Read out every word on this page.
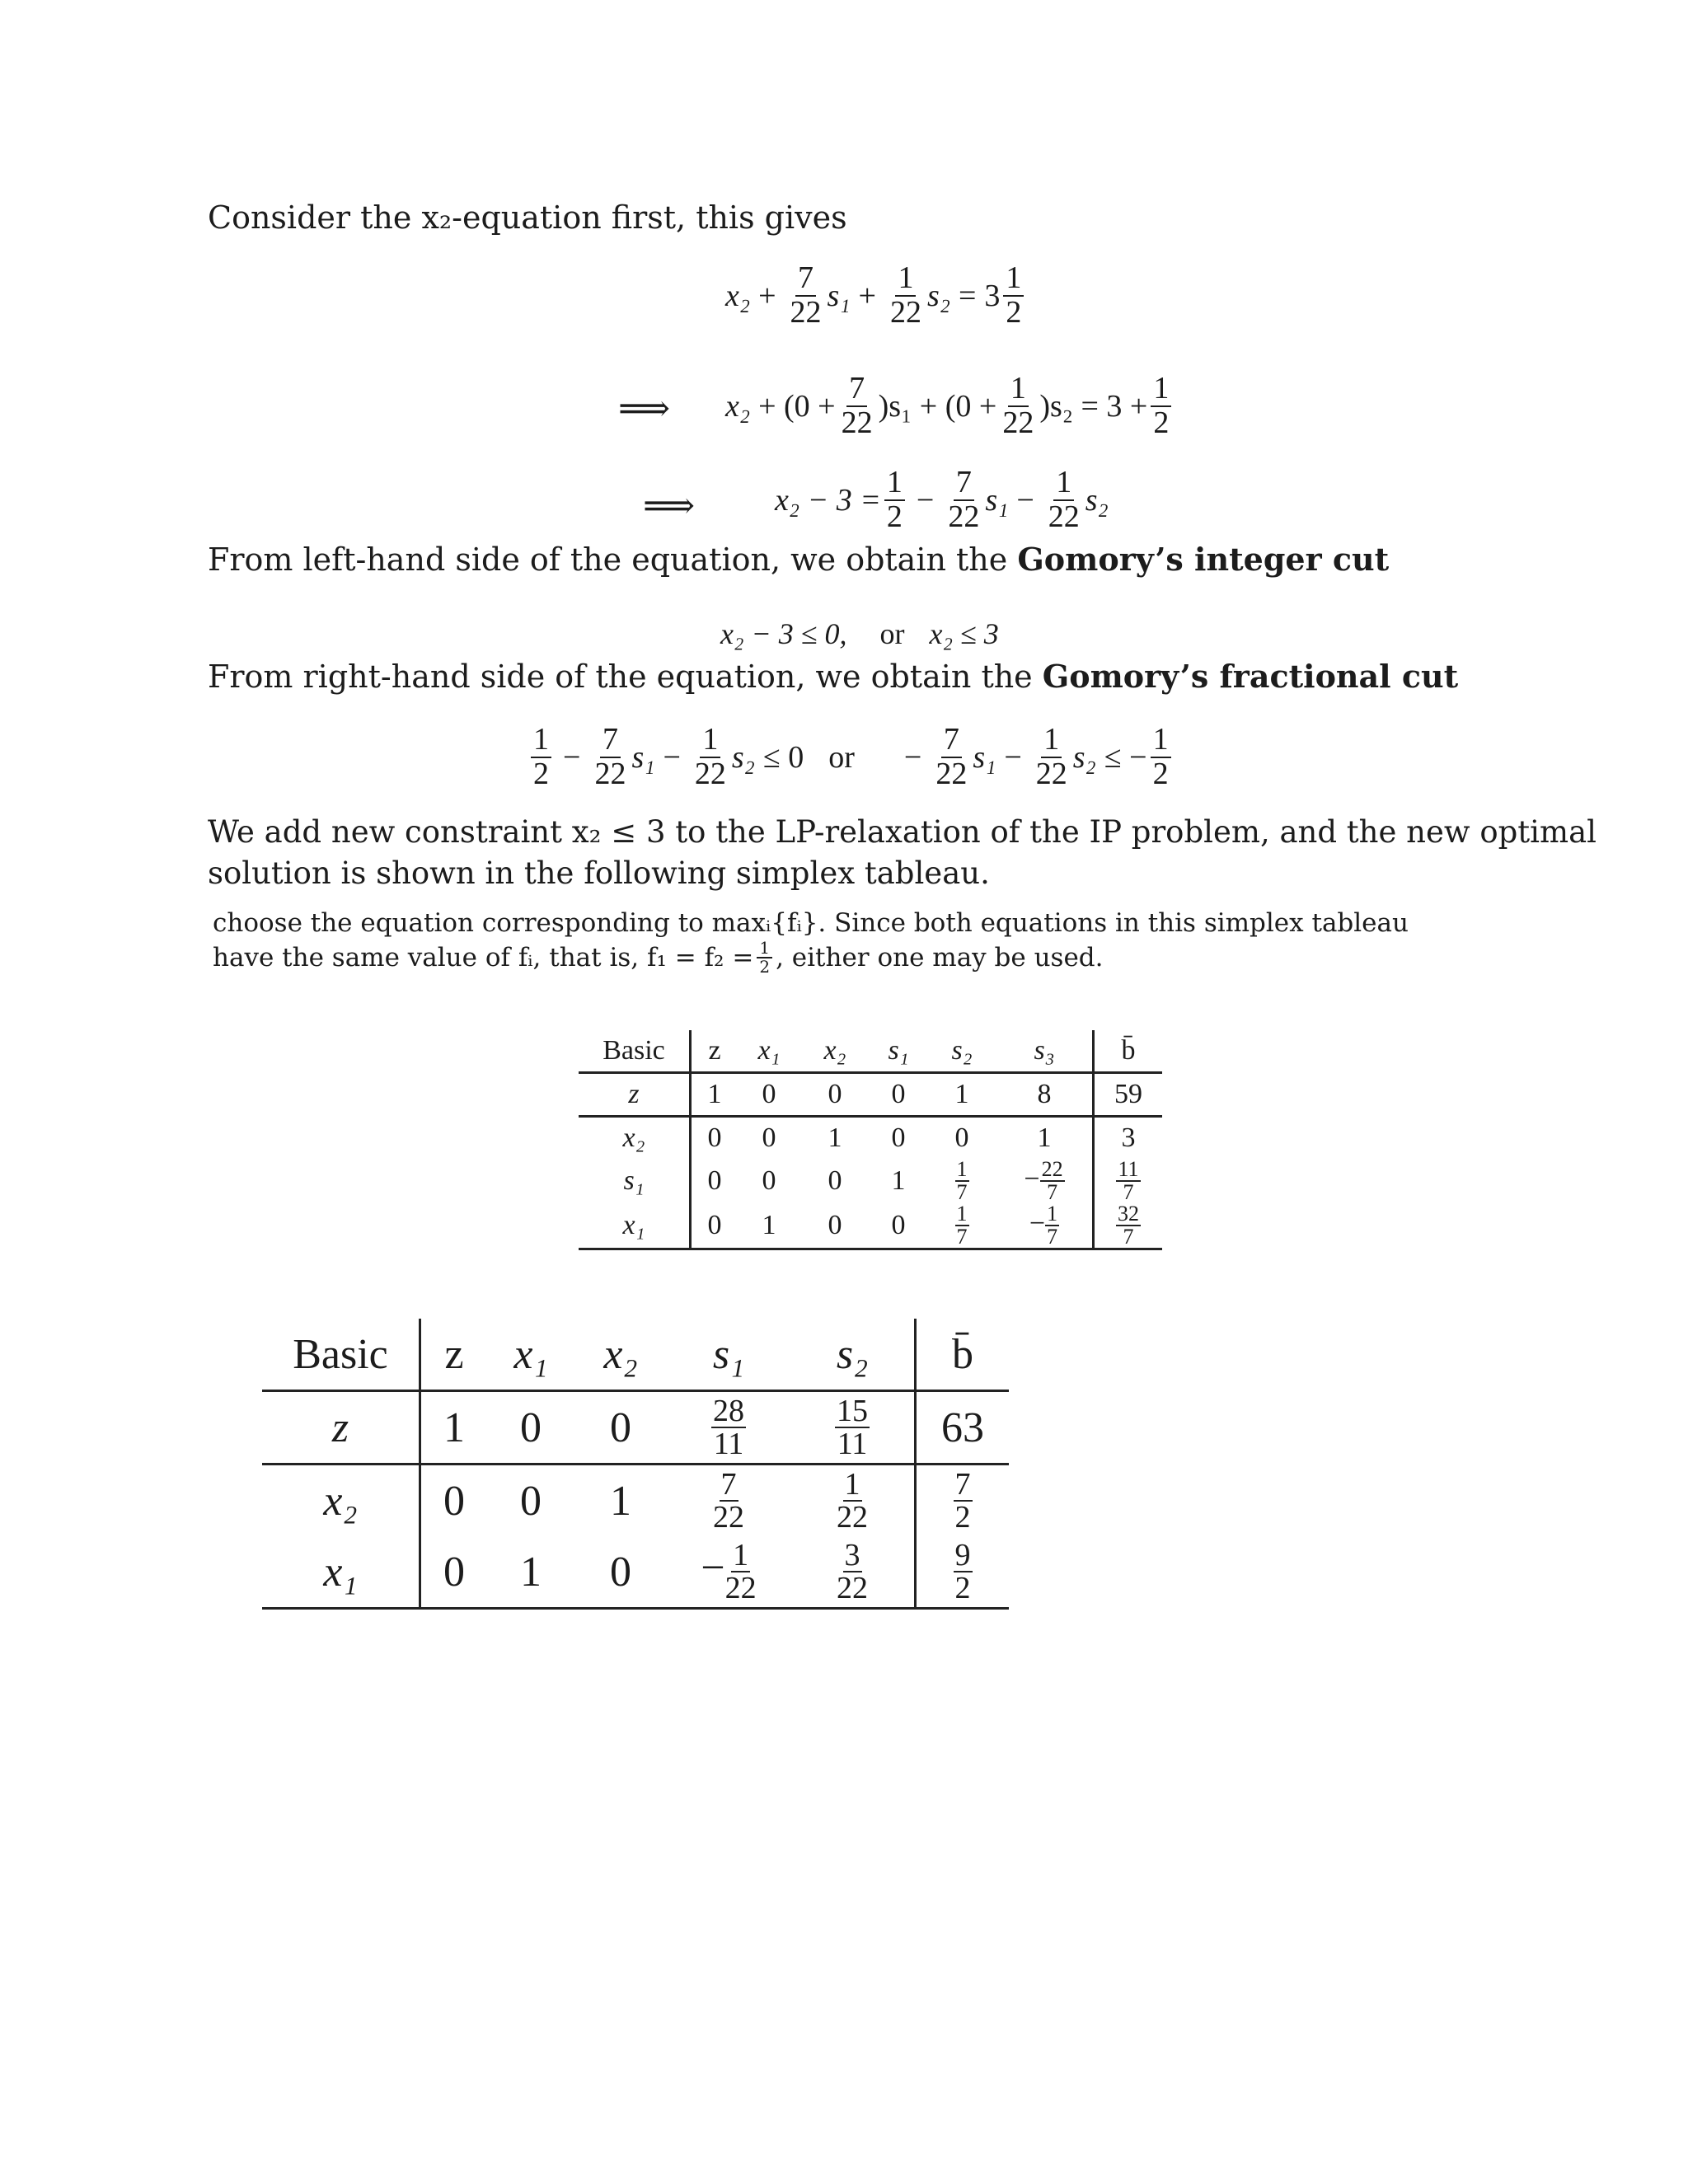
Consider the x₂-equation first, this gives
$x_2 + \frac{7}{22} s_1 + \frac{1}{22} s_2 = 3 \frac{1}{2}$
⟹ $x_2 + (0 + \frac{7}{22} )s_1 + (0 + \frac{1}{22} )s_2 = 3 + \frac{1}{2}$
⟹	$x_2 - 3 = \frac{1}{2} - \frac{7}{22} s_1 - \frac{1}{22} s_2$
From left-hand side of the equation, we obtain the Gomory’s integer cut
x₂ − 3 ≤ 0, or x₂ ≤ 3
From right-hand side of the equation, we obtain the Gomory’s fractional cut
$\frac{1}{2} - \frac{7}{22} s_1 - \frac{1}{22} s_2 \le 0$ or − $\frac{7}{22} s_1 - \frac{1}{22} s_2$ ≤ − $\frac{1}{2}$
We add new constraint x₂ ≤ 3 to the LP-relaxation of the IP problem, and the new optimal
solution is shown in the following simplex tableau.
choose the equation corresponding to maxᵢ{fᵢ}. Since both equations in this simplex tableau
have the same value of fᵢ, that is, $f_1 = f_2 = \frac{1}{2}$ , either one may be used.
Basic	z	x₁	x₂	s₁	s₂	s₃	b̄
z	1	0	0	0	1	8	59
x₂	0	0	1	0	0	1	3
s₁	0	0	0	1	$\frac{1}{7}$	− $\frac{22}{7}$	$\frac{11}{7}$

x₁	0	1	0	0	$\frac{1}{7}$	− $\frac{1}{7}$	$\frac{32}{7}$
Basic	z	x₁	x₂	s₁	s₂	b̄
z	1	0	0	$\frac{28}{11}$	$\frac{15}{11}$	63
x₂	0	0	1	$\frac{7}{22}$	$\frac{1}{22}$	$\frac{7}{2}$

x₁	0	1	0	− $\frac{1}{22}$	$\frac{3}{22}$	$\frac{9}{2}$
